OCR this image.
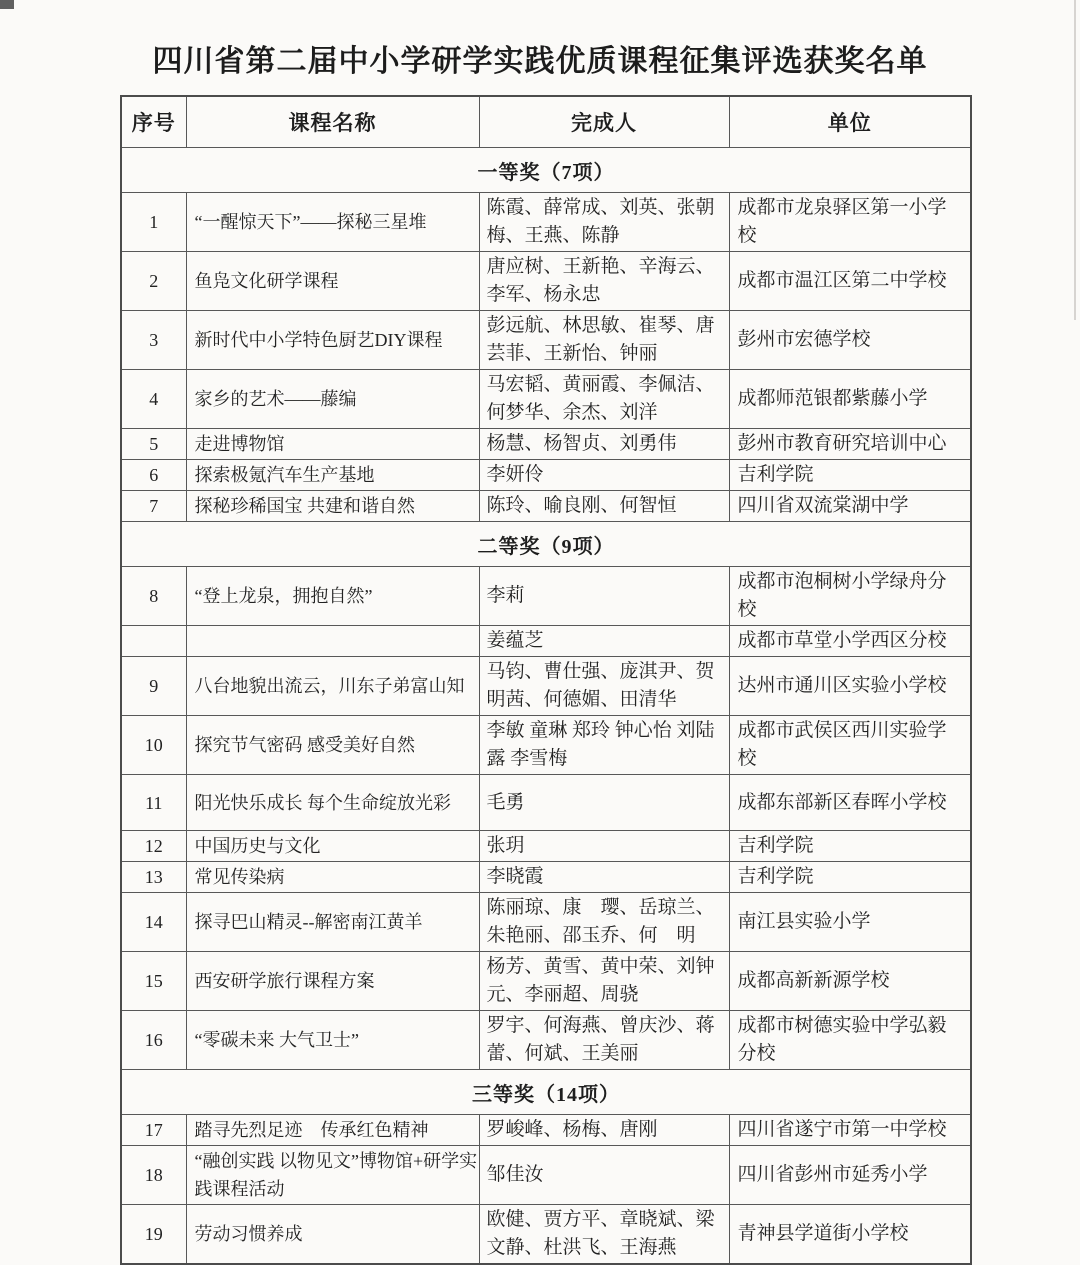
四川省第二届中小学研学实践优质课程征集评选获奖名单
序号	课程名称	完成人	单位
一等奖（7项）			
1	“一醒惊天下”——探秘三星堆	陈霞、薛常成、刘英、张朝梅、王燕、陈静	成都市龙泉驿区第一小学校
2	鱼凫文化研学课程	唐应树、王新艳、辛海云、李军、杨永忠	成都市温江区第二中学校
3	新时代中小学特色厨艺DIY课程	彭远航、林思敏、崔琴、唐芸菲、王新怡、钟丽	彭州市宏德学校
4	家乡的艺术——藤编	马宏韬、黄丽霞、李佩洁、何梦华、余杰、刘洋	成都师范银都紫藤小学
5	走进博物馆	杨慧、杨智贞、刘勇伟	彭州市教育研究培训中心
6	探索极氪汽车生产基地	李妍伶	吉利学院
7	探秘珍稀国宝 共建和谐自然	陈玲、喻良刚、何智恒	四川省双流棠湖中学
二等奖（9项）			
8	“登上龙泉，拥抱自然”	李莉	成都市泡桐树小学绿舟分校
		姜蕴芝	成都市草堂小学西区分校
9	八台地貌出流云，川东子弟富山知	马钧、曹仕强、庞淇尹、贺明茜、何德媚、田清华	达州市通川区实验小学校
10	探究节气密码 感受美好自然	李敏 童琳 郑玲 钟心怡 刘陆露 李雪梅	成都市武侯区西川实验学校
11	阳光快乐成长 每个生命绽放光彩	毛勇	成都东部新区春晖小学校
12	中国历史与文化	张玥	吉利学院
13	常见传染病	李晓霞	吉利学院
14	探寻巴山精灵--解密南江黄羊	陈丽琼、康　璎、岳琼兰、朱艳丽、邵玉乔、何　明	南江县实验小学
15	西安研学旅行课程方案	杨芳、黄雪、黄中荣、刘钟元、李丽超、周骁	成都高新新源学校
16	“零碳未来 大气卫士”	罗宇、何海燕、曾庆沙、蒋蕾、何斌、王美丽	成都市树德实验中学弘毅分校
三等奖（14项）			
17	踏寻先烈足迹　传承红色精神	罗峻峰、杨梅、唐刚	四川省遂宁市第一中学校
18	“融创实践 以物见文”博物馆+研学实践课程活动	邹佳汝	四川省彭州市延秀小学
19	劳动习惯养成	欧健、贾方平、章晓斌、梁文静、杜洪飞、王海燕	青神县学道街小学校
